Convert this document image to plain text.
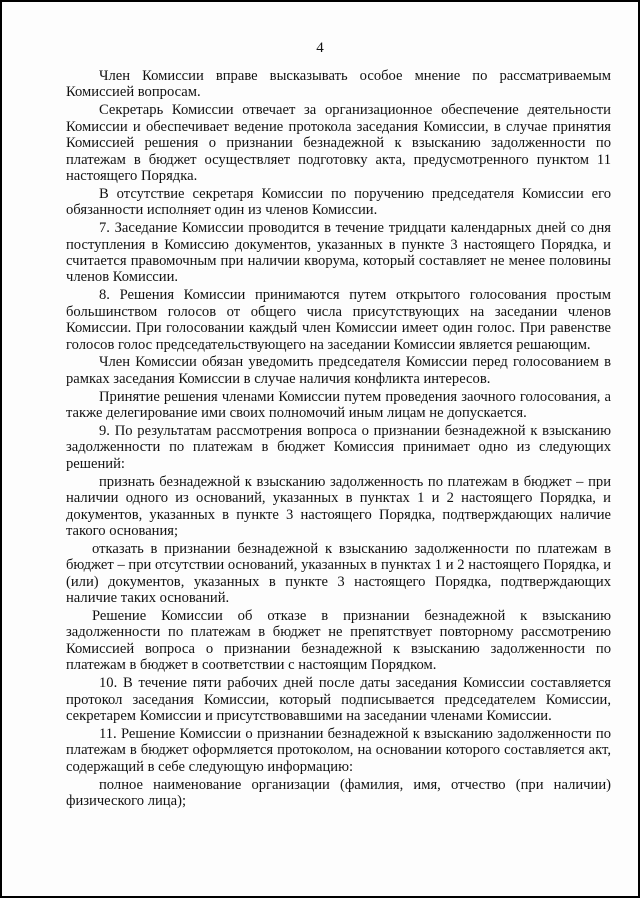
4

Член Комиссии вправе высказывать особое мнение по рассматриваемым Комиссией вопросам.

Секретарь Комиссии отвечает за организационное обеспечение деятельности Комиссии и обеспечивает ведение протокола заседания Комиссии, в случае принятия Комиссией решения о признании безнадежной к взысканию задолженности по платежам в бюджет осуществляет подготовку акта, предусмотренного пунктом 11 настоящего Порядка.

В отсутствие секретаря Комиссии по поручению председателя Комиссии его обязанности исполняет один из членов Комиссии.

7. Заседание Комиссии проводится в течение тридцати календарных дней со дня поступления в Комиссию документов, указанных в пункте 3 настоящего Порядка, и считается правомочным при наличии кворума, который составляет не менее половины членов Комиссии.

8. Решения Комиссии принимаются путем открытого голосования простым большинством голосов от общего числа присутствующих на заседании членов Комиссии. При голосовании каждый член Комиссии имеет один голос. При равенстве голосов голос председательствующего на заседании Комиссии является решающим.

Член Комиссии обязан уведомить председателя Комиссии перед голосованием в рамках заседания Комиссии в случае наличия конфликта интересов.

Принятие решения членами Комиссии путем проведения заочного голосования, а также делегирование ими своих полномочий иным лицам не допускается.

9. По результатам рассмотрения вопроса о признании безнадежной к взысканию задолженности по платежам в бюджет Комиссия принимает одно из следующих решений:

признать безнадежной к взысканию задолженность по платежам в бюджет – при наличии одного из оснований, указанных в пунктах 1 и 2 настоящего Порядка, и документов, указанных в пункте 3 настоящего Порядка, подтверждающих наличие такого основания;

отказать в признании безнадежной к взысканию задолженности по платежам в бюджет – при отсутствии оснований, указанных в пунктах 1 и 2 настоящего Порядка, и (или) документов, указанных в пункте 3 настоящего Порядка, подтверждающих наличие таких оснований.

Решение Комиссии об отказе в признании безнадежной к взысканию задолженности по платежам в бюджет не препятствует повторному рассмотрению Комиссией вопроса о признании безнадежной к взысканию задолженности по платежам в бюджет в соответствии с настоящим Порядком.

10. В течение пяти рабочих дней после даты заседания Комиссии составляется протокол заседания Комиссии, который подписывается председателем Комиссии, секретарем Комиссии и присутствовавшими на заседании членами Комиссии.

11. Решение Комиссии о признании безнадежной к взысканию задолженности по платежам в бюджет оформляется протоколом, на основании которого составляется акт, содержащий в себе следующую информацию:

полное наименование организации (фамилия, имя, отчество (при наличии) физического лица);
